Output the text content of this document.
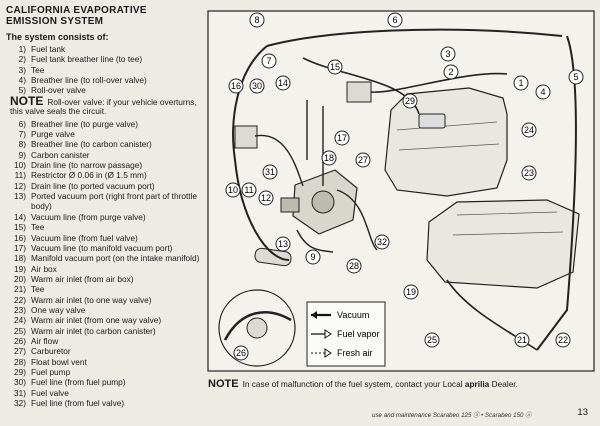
CALIFORNIA EVAPORATIVE
EMISSION SYSTEM
The system consists of:
1) Fuel tank
2) Fuel tank breather line (to tee)
3) Tee
4) Breather line (to roll-over valve)
5) Roll-over valve
NOTE Roll-over valve: if your vehicle overturns, this valve seals the circuit.
6) Breather line (to purge valve)
7) Purge valve
8) Breather line (to carbon canister)
9) Carbon canister
10) Drain line (to narrow passage)
11) Restrictor Ø 0.06 in (Ø 1.5 mm)
12) Drain line (to ported vacuum port)
13) Ported vacuum port (right front part of throttle body)
14) Vacuum line (from purge valve)
15) Tee
16) Vacuum line (from fuel valve)
17) Vacuum line (to manifold vacuum port)
18) Manifold vacuum port (on the intake manifold)
19) Air box
20) Warm air inlet (from air box)
21) Tee
22) Warm air inlet (to one way valve)
23) One way valve
24) Warm air inlet (from one way valve)
25) Warm air inlet (to carbon canister)
26) Air flow
27) Carburetor
28) Float bowl vent
29) Fuel pump
30) Fuel line (from fuel pump)
31) Fuel valve
32) Fuel line (from fuel valve)
Vacuum
Fuel vapor
Fresh air
8	6
7
14
15
16 30
3
2
1
5
4
29
24
23
17
18	27
31
10 11
12
13
9
32
28
19
26
25	21	22
NOTE In case of malfunction of the fuel system, contact your Local aprilia Dealer.
use and maintenance Scarabeo 125 ⓐ • Scarabeo 150 ⓐ	13
